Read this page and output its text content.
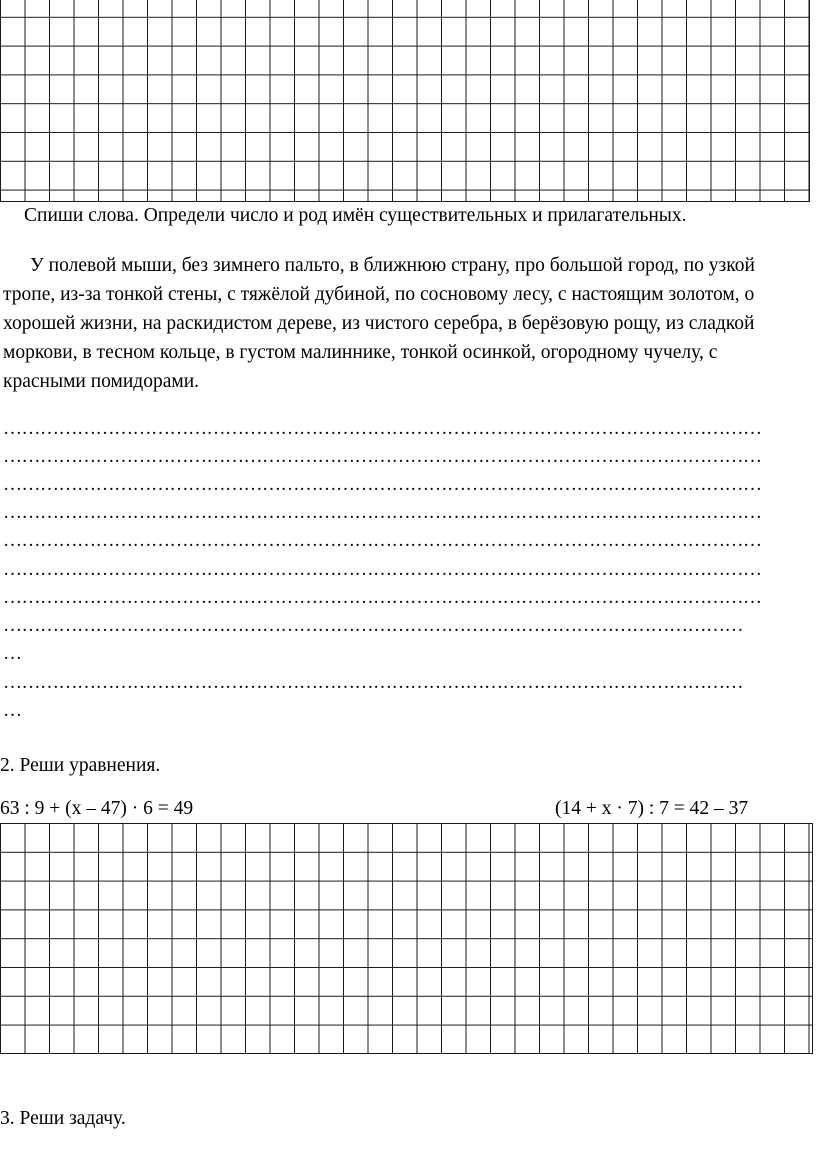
Спиши слова. Определи число и род имён существительных и прилагательных.
У полевой мыши, без зимнего пальто, в ближнюю страну, про большой город, по узкой тропе, из-за тонкой стены, с тяжёлой дубиной, по сосновому лесу, с настоящим золотом, о хорошей жизни, на раскидистом дереве, из чистого серебра, в берёзовую рощу, из сладкой моркови, в тесном кольце, в густом малиннике, тонкой осинкой, огородному чучелу, с красными помидорами.
……………………………………………………………………………………………………………
……………………………………………………………………………………………………………
……………………………………………………………………………………………………………
……………………………………………………………………………………………………………
……………………………………………………………………………………………………………
……………………………………………………………………………………………………………
……………………………………………………………………………………………………………
…………………………………………………………………………………………………………
…
…………………………………………………………………………………………………………
…
2. Реши уравнения.
63 : 9 + (х – 47) · 6 = 49	(14 + х · 7) : 7 = 42 – 37
3. Реши задачу.
